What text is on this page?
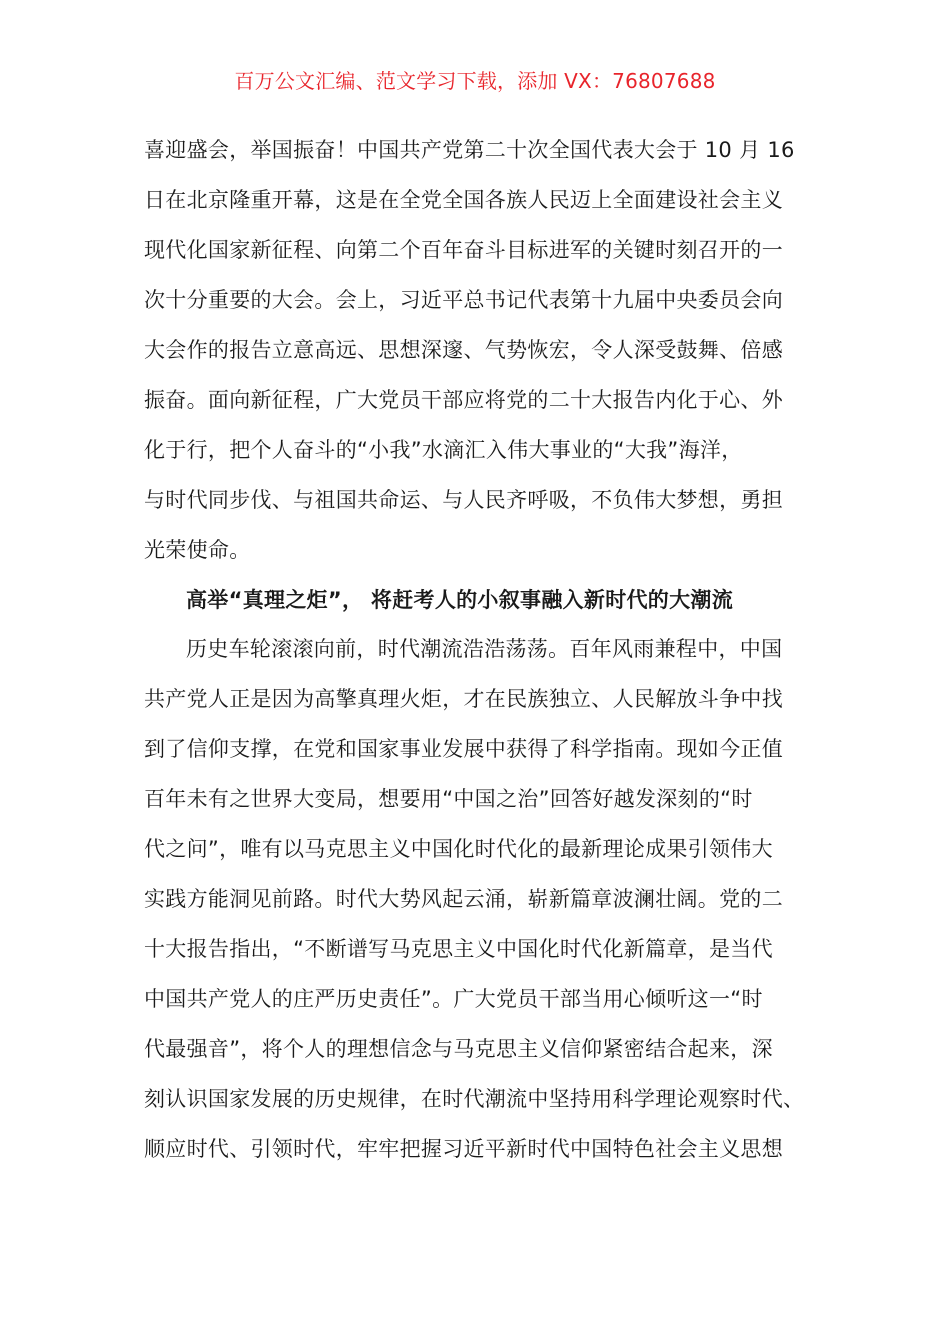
百万公文汇编、范文学习下载，添加 VX：76807688
喜迎盛会，举国振奋！中国共产党第二十次全国代表大会于 10 月 16
日在北京隆重开幕，这是在全党全国各族人民迈上全面建设社会主义
现代化国家新征程、向第二个百年奋斗目标进军的关键时刻召开的一
次十分重要的大会。会上，习近平总书记代表第十九届中央委员会向
大会作的报告立意高远、思想深邃、气势恢宏，令人深受鼓舞、倍感
振奋。面向新征程，广大党员干部应将党的二十大报告内化于心、外
化于行，把个人奋斗的“小我”水滴汇入伟大事业的“大我”海洋，
与时代同步伐、与祖国共命运、与人民齐呼吸，不负伟大梦想，勇担
光荣使命。
高举“真理之炬”， 将赶考人的小叙事融入新时代的大潮流
历史车轮滚滚向前，时代潮流浩浩荡荡。百年风雨兼程中，中国
共产党人正是因为高擎真理火炬，才在民族独立、人民解放斗争中找
到了信仰支撑，在党和国家事业发展中获得了科学指南。现如今正值
百年未有之世界大变局，想要用“中国之治”回答好越发深刻的“时
代之问”，唯有以马克思主义中国化时代化的最新理论成果引领伟大
实践方能洞见前路。时代大势风起云涌，崭新篇章波澜壮阔。党的二
十大报告指出，“不断谱写马克思主义中国化时代化新篇章，是当代
中国共产党人的庄严历史责任”。广大党员干部当用心倾听这一“时
代最强音”，将个人的理想信念与马克思主义信仰紧密结合起来，深
刻认识国家发展的历史规律，在时代潮流中坚持用科学理论观察时代、
顺应时代、引领时代，牢牢把握习近平新时代中国特色社会主义思想
